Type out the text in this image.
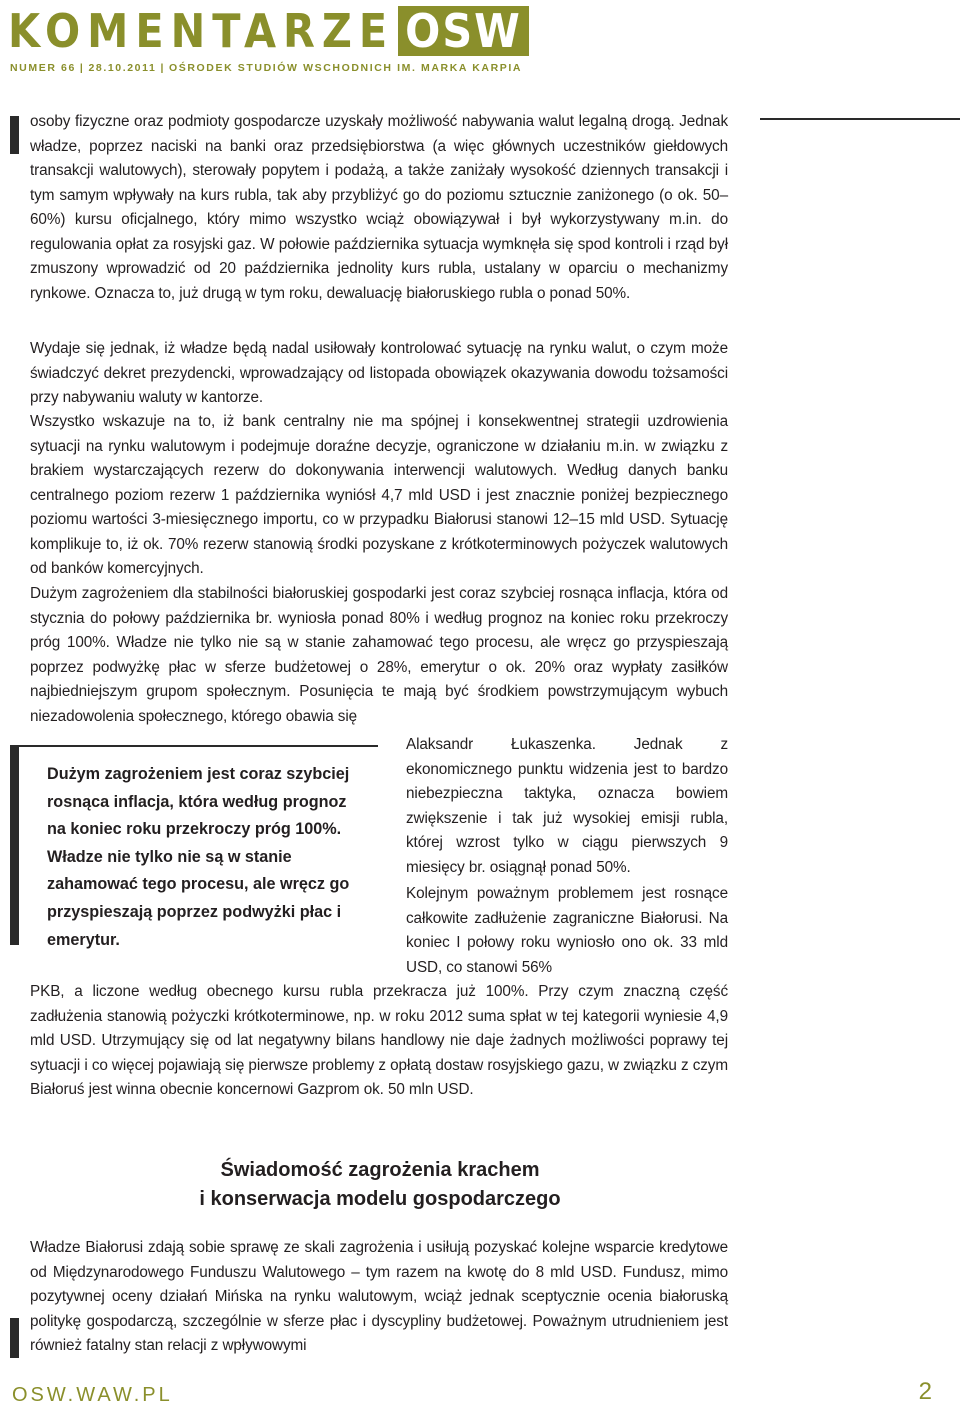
KOMENTARZE OSW
NUMER 66 | 28.10.2011 | OŚRODEK STUDIÓW WSCHODNICH IM. MARKA KARPIA

osoby fizyczne oraz podmioty gospodarcze uzyskały możliwość nabywania walut legalną drogą. Jednak władze, poprzez naciski na banki oraz przedsiębiorstwa (a więc głównych uczestników giełdowych transakcji walutowych), sterowały popytem i podażą, a także zaniżały wysokość dziennych transakcji i tym samym wpływały na kurs rubla, tak aby przybliżyć go do poziomu sztucznie zaniżonego (o ok. 50–60%) kursu oficjalnego, który mimo wszystko wciąż obowiązywał i był wykorzystywany m.in. do regulowania opłat za rosyjski gaz. W połowie października sytuacja wymknęła się spod kontroli i rząd był zmuszony wprowadzić od 20 października jednolity kurs rubla, ustalany w oparciu o mechanizmy rynkowe. Oznacza to, już drugą w tym roku, dewaluację białoruskiego rubla o ponad 50%.

Wydaje się jednak, iż władze będą nadal usiłowały kontrolować sytuację na rynku walut, o czym może świadczyć dekret prezydencki, wprowadzający od listopada obowiązek okazywania dowodu tożsamości przy nabywaniu waluty w kantorze.

Wszystko wskazuje na to, iż bank centralny nie ma spójnej i konsekwentnej strategii uzdrowienia sytuacji na rynku walutowym i podejmuje doraźne decyzje, ograniczone w działaniu m.in. w związku z brakiem wystarczających rezerw do dokonywania interwencji walutowych. Według danych banku centralnego poziom rezerw 1 października wyniósł 4,7 mld USD i jest znacznie poniżej bezpiecznego poziomu wartości 3-miesięcznego importu, co w przypadku Białorusi stanowi 12–15 mld USD. Sytuację komplikuje to, iż ok. 70% rezerw stanowią środki pozyskane z krótkoterminowych pożyczek walutowych od banków komercyjnych.

Dużym zagrożeniem dla stabilności białoruskiej gospodarki jest coraz szybciej rosnąca inflacja, która od stycznia do połowy października br. wyniosła ponad 80% i według prognoz na koniec roku przekroczy próg 100%. Władze nie tylko nie są w stanie zahamować tego procesu, ale wręcz go przyspieszają poprzez podwyżkę płac w sferze budżetowej o 28%, emerytur o ok. 20% oraz wypłaty zasiłków najbiedniejszym grupom społecznym. Posunięcia te mają być środkiem powstrzymującym wybuch niezadowolenia społecznego, którego obawia się

Dużym zagrożeniem jest coraz szybciej rosnąca inflacja, która według prognoz na koniec roku przekroczy próg 100%. Władze nie tylko nie są w stanie zahamować tego procesu, ale wręcz go przyspieszają poprzez podwyżki płac i emerytur.

Alaksandr Łukaszenka. Jednak z ekonomicznego punktu widzenia jest to bardzo niebezpieczna taktyka, oznacza bowiem zwiększenie i tak już wysokiej emisji rubla, której wzrost tylko w ciągu pierwszych 9 miesięcy br. osiągnął ponad 50%.

Kolejnym poważnym problemem jest rosnące całkowite zadłużenie zagraniczne Białorusi. Na koniec I połowy roku wyniosło ono ok. 33 mld USD, co stanowi 56%

PKB, a liczone według obecnego kursu rubla przekracza już 100%. Przy czym znaczną część zadłużenia stanowią pożyczki krótkoterminowe, np. w roku 2012 suma spłat w tej kategorii wyniesie 4,9 mld USD. Utrzymujący się od lat negatywny bilans handlowy nie daje żadnych możliwości poprawy tej sytuacji i co więcej pojawiają się pierwsze problemy z opłatą dostaw rosyjskiego gazu, w związku z czym Białoruś jest winna obecnie koncernowi Gazprom ok. 50 mln USD.

Świadomość zagrożenia krachem
i konserwacja modelu gospodarczego

Władze Białorusi zdają sobie sprawę ze skali zagrożenia i usiłują pozyskać kolejne wsparcie kredytowe od Międzynarodowego Funduszu Walutowego – tym razem na kwotę do 8 mld USD. Fundusz, mimo pozytywnej oceny działań Mińska na rynku walutowym, wciąż jednak sceptycznie ocenia białoruską politykę gospodarczą, szczególnie w sferze płac i dyscypliny budżetowej. Poważnym utrudnieniem jest również fatalny stan relacji z wpływowymi

OSW.WAW.PL	2
